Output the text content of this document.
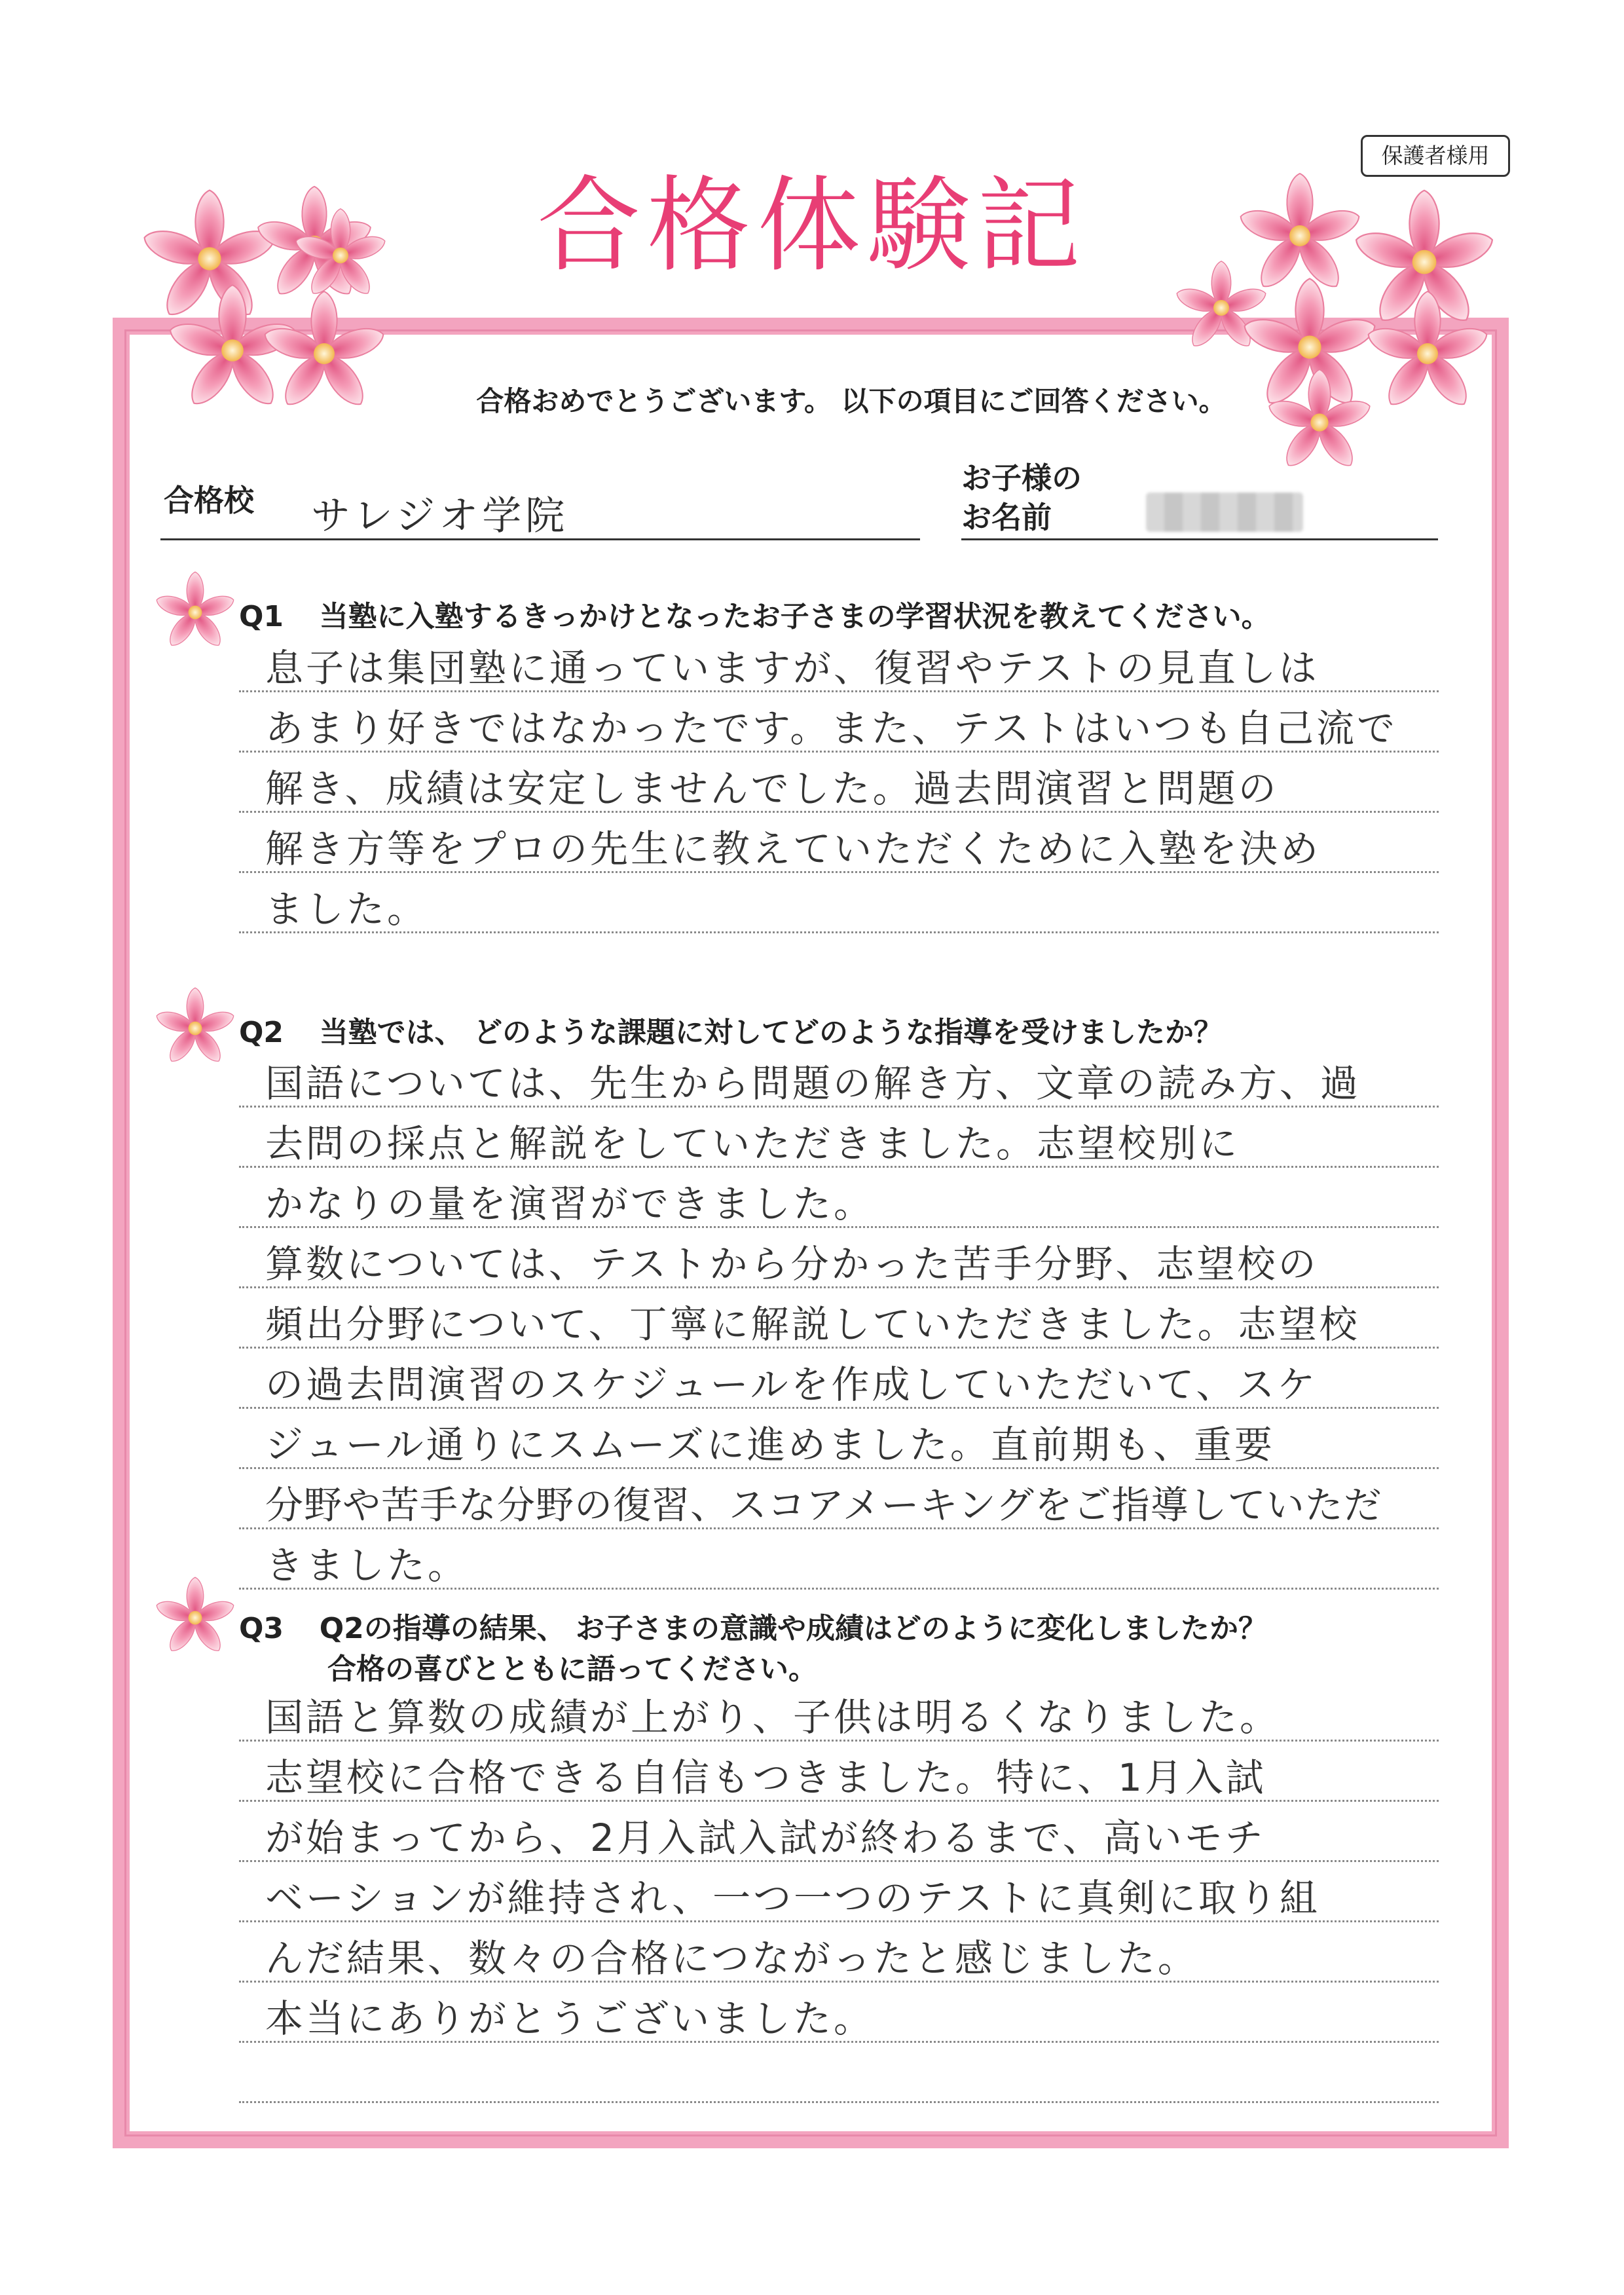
保護者様用
合格体験記
合格おめでとうございます。 以下の項目にご回答ください。
合格校 サレジオ学院
お子様の
お名前
Q1 当塾に入塾するきっかけとなったお子さまの学習状況を教えてください。
息子は集団塾に通っていますが、復習やテストの見直しは
あまり好きではなかったです。また、テストはいつも自己流で
解き、成績は安定しませんでした。過去問演習と問題の
解き方等をプロの先生に教えていただくために入塾を決め
ました。
Q2 当塾では、 どのような課題に対してどのような指導を受けましたか？
国語については、先生から問題の解き方、文章の読み方、過
去問の採点と解説をしていただきました。志望校別に
かなりの量を演習ができました。
算数については、テストから分かった苦手分野、志望校の
頻出分野について、丁寧に解説していただきました。志望校
の過去問演習のスケジュールを作成していただいて、スケ
ジュール通りにスムーズに進めました。直前期も、重要
分野や苦手な分野の復習、スコアメーキングをご指導していただ
きました。
Q3 Q2の指導の結果、 お子さまの意識や成績はどのように変化しましたか？
合格の喜びとともに語ってください。
国語と算数の成績が上がり、子供は明るくなりました。
志望校に合格できる自信もつきました。特に、1月入試
が始まってから、2月入試入試が終わるまで、高いモチ
ベーションが維持され、一つ一つのテストに真剣に取り組
んだ結果、数々の合格につながったと感じました。
本当にありがとうございました。
